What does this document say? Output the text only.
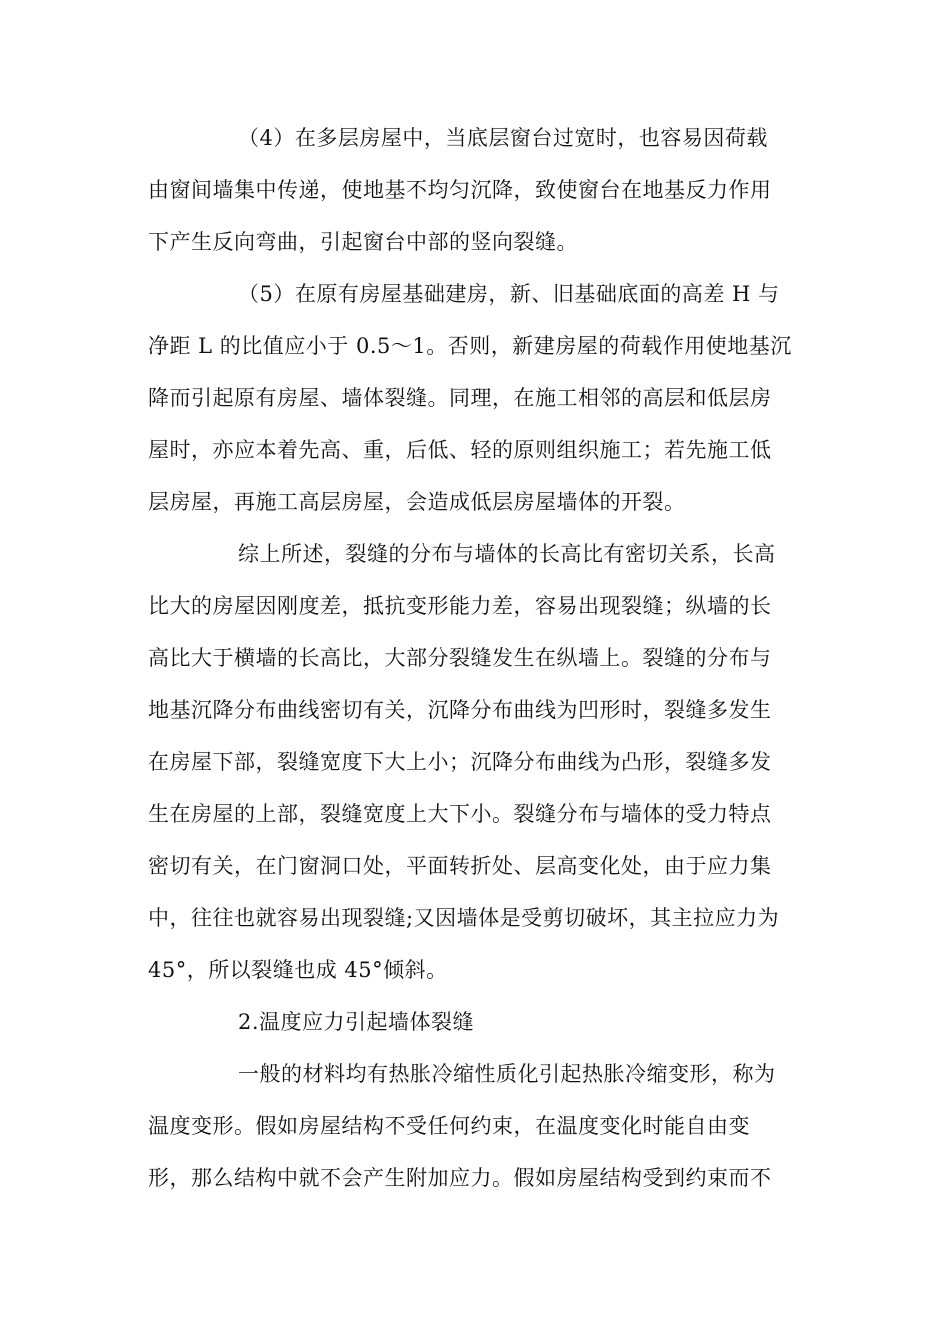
（4）在多层房屋中，当底层窗台过宽时，也容易因荷载
由窗间墙集中传递，使地基不均匀沉降，致使窗台在地基反力作用
下产生反向弯曲，引起窗台中部的竖向裂缝。
（5）在原有房屋基础建房，新、旧基础底面的高差 H 与
净距 L 的比值应小于 0.5～1。否则，新建房屋的荷载作用使地基沉
降而引起原有房屋、墙体裂缝。同理，在施工相邻的高层和低层房
屋时，亦应本着先高、重，后低、轻的原则组织施工；若先施工低
层房屋，再施工高层房屋，会造成低层房屋墙体的开裂。
综上所述，裂缝的分布与墙体的长高比有密切关系，长高
比大的房屋因刚度差，抵抗变形能力差，容易出现裂缝；纵墙的长
高比大于横墙的长高比，大部分裂缝发生在纵墙上。裂缝的分布与
地基沉降分布曲线密切有关，沉降分布曲线为凹形时，裂缝多发生
在房屋下部，裂缝宽度下大上小；沉降分布曲线为凸形，裂缝多发
生在房屋的上部，裂缝宽度上大下小。裂缝分布与墙体的受力特点
密切有关，在门窗洞口处，平面转折处、层高变化处，由于应力集
中，往往也就容易出现裂缝;又因墙体是受剪切破坏，其主拉应力为
45°，所以裂缝也成 45°倾斜。
2.温度应力引起墙体裂缝
一般的材料均有热胀冷缩性质化引起热胀冷缩变形，称为
温度变形。假如房屋结构不受任何约束，在温度变化时能自由变
形，那么结构中就不会产生附加应力。假如房屋结构受到约束而不
